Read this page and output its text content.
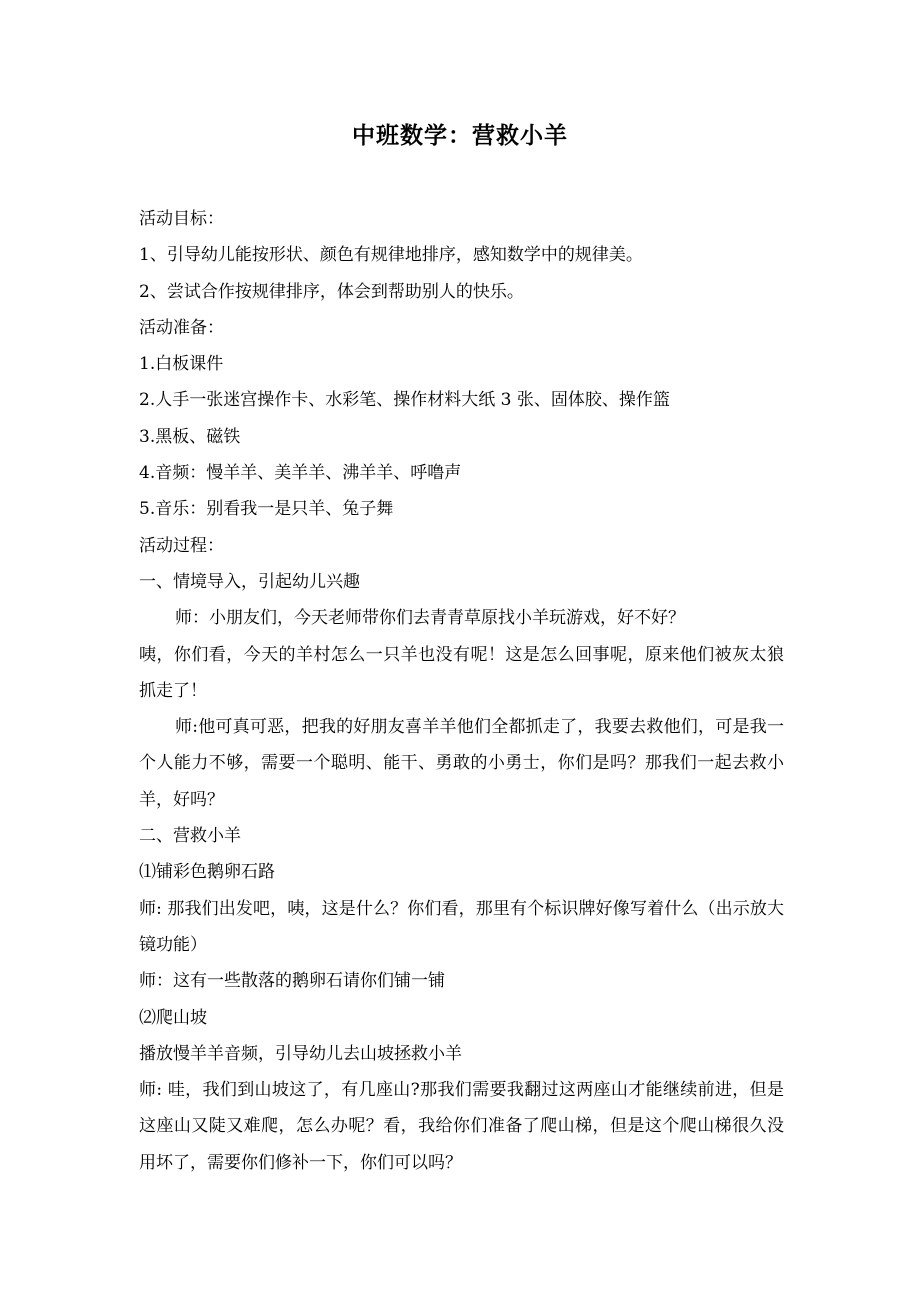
中班数学：营救小羊

活动目标：

1、引导幼儿能按形状、颜色有规律地排序，感知数学中的规律美。

2、尝试合作按规律排序，体会到帮助别人的快乐。

活动准备：

1.白板课件

2.人手一张迷宫操作卡、水彩笔、操作材料大纸 3 张、固体胶、操作篮

3.黑板、磁铁

4.音频：慢羊羊、美羊羊、沸羊羊、呼噜声

5.音乐：别看我一是只羊、兔子舞

活动过程：

一、情境导入，引起幼儿兴趣

师：小朋友们，今天老师带你们去青青草原找小羊玩游戏，好不好？

咦，你们看，今天的羊村怎么一只羊也没有呢！这是怎么回事呢，原来他们被灰太狼抓走了！

师:他可真可恶，把我的好朋友喜羊羊他们全都抓走了，我要去救他们，可是我一个人能力不够，需要一个聪明、能干、勇敢的小勇士，你们是吗？那我们一起去救小羊，好吗？

二、营救小羊

⑴铺彩色鹅卵石路

师: 那我们出发吧，咦，这是什么？你们看，那里有个标识牌好像写着什么（出示放大镜功能）

师：这有一些散落的鹅卵石请你们铺一铺

⑵爬山坡

播放慢羊羊音频，引导幼儿去山坡拯救小羊

师: 哇，我们到山坡这了，有几座山?那我们需要我翻过这两座山才能继续前进，但是这座山又陡又难爬，怎么办呢？看，我给你们准备了爬山梯，但是这个爬山梯很久没用坏了，需要你们修补一下，你们可以吗？
